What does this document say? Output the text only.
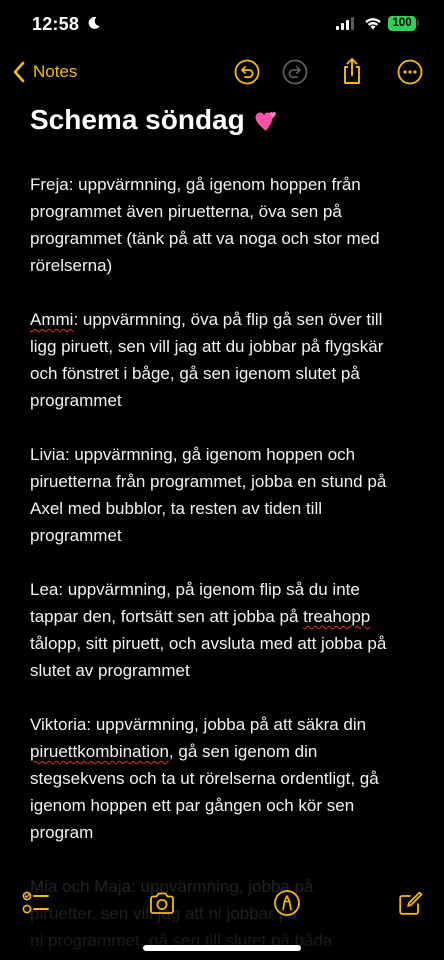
12:58	100
Notes
Schema söndag

Freja: uppvärmning, gå igenom hoppen från
programmet även piruetterna, öva sen på
programmet (tänk på att va noga och stor med
rörelserna)

Ammi: uppvärmning, öva på flip gå sen över till
ligg piruett, sen vill jag att du jobbar på flygskär
och fönstret i båge, gå sen igenom slutet på
programmet

Livia: uppvärmning, gå igenom hoppen och
piruetterna från programmet, jobba en stund på
Axel med bubblor, ta resten av tiden till
programmet

Lea: uppvärmning, på igenom flip så du inte
tappar den, fortsätt sen att jobba på treahopp
tålopp, sitt piruett, och avsluta med att jobba på
slutet av programmet

Viktoria: uppvärmning, jobba på att säkra din
piruettkombination, gå sen igenom din
stegsekvens och ta ut rörelserna ordentligt, gå
igenom hoppen ett par gången och kör sen
program
